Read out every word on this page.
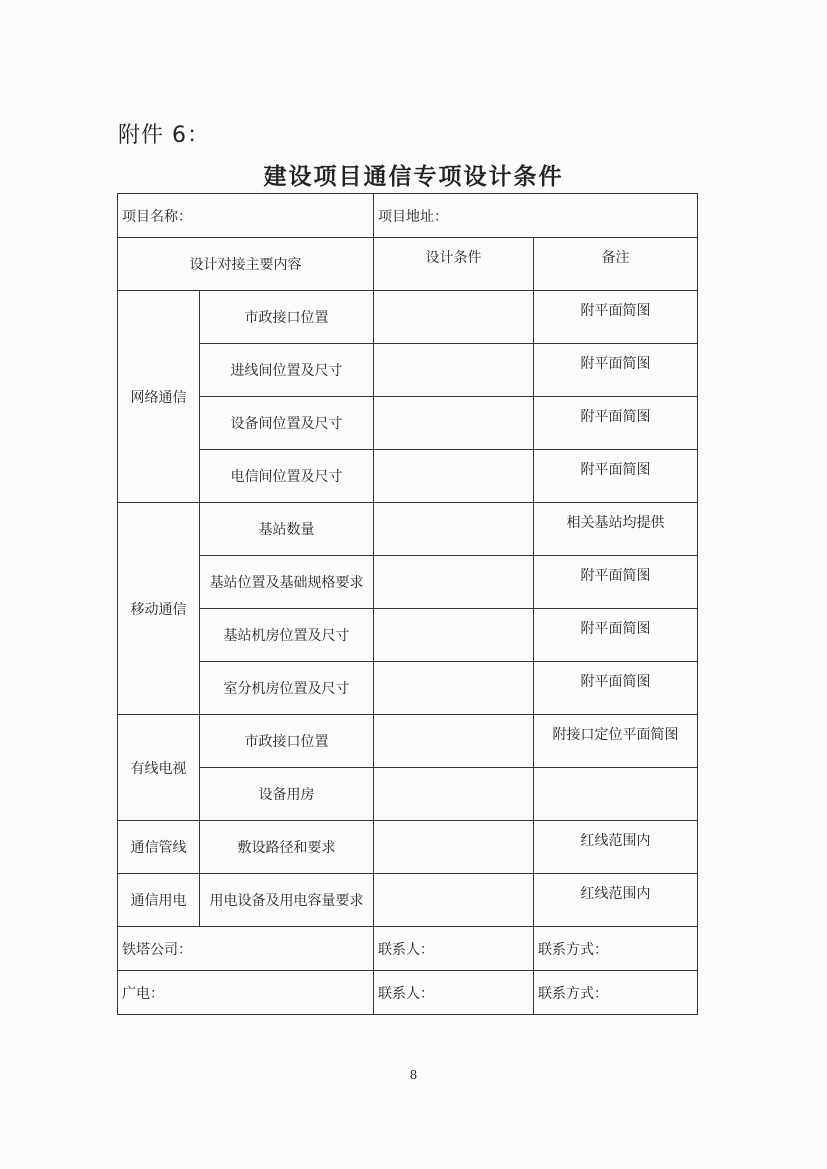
附件 6：
建设项目通信专项设计条件
项目名称：		项目地址：	
设计对接主要内容		设计条件	备注
网络通信	市政接口位置		附平面简图
	进线间位置及尺寸		附平面简图
	设备间位置及尺寸		附平面简图
	电信间位置及尺寸		附平面简图
移动通信	基站数量		相关基站均提供
	基站位置及基础规格要求		附平面简图
	基站机房位置及尺寸		附平面简图
	室分机房位置及尺寸		附平面简图
有线电视	市政接口位置		附接口定位平面简图
	设备用房		
通信管线	敷设路径和要求		红线范围内
通信用电	用电设备及用电容量要求		红线范围内
铁塔公司：		联系人：	联系方式：
广电：		联系人：	联系方式：
8
